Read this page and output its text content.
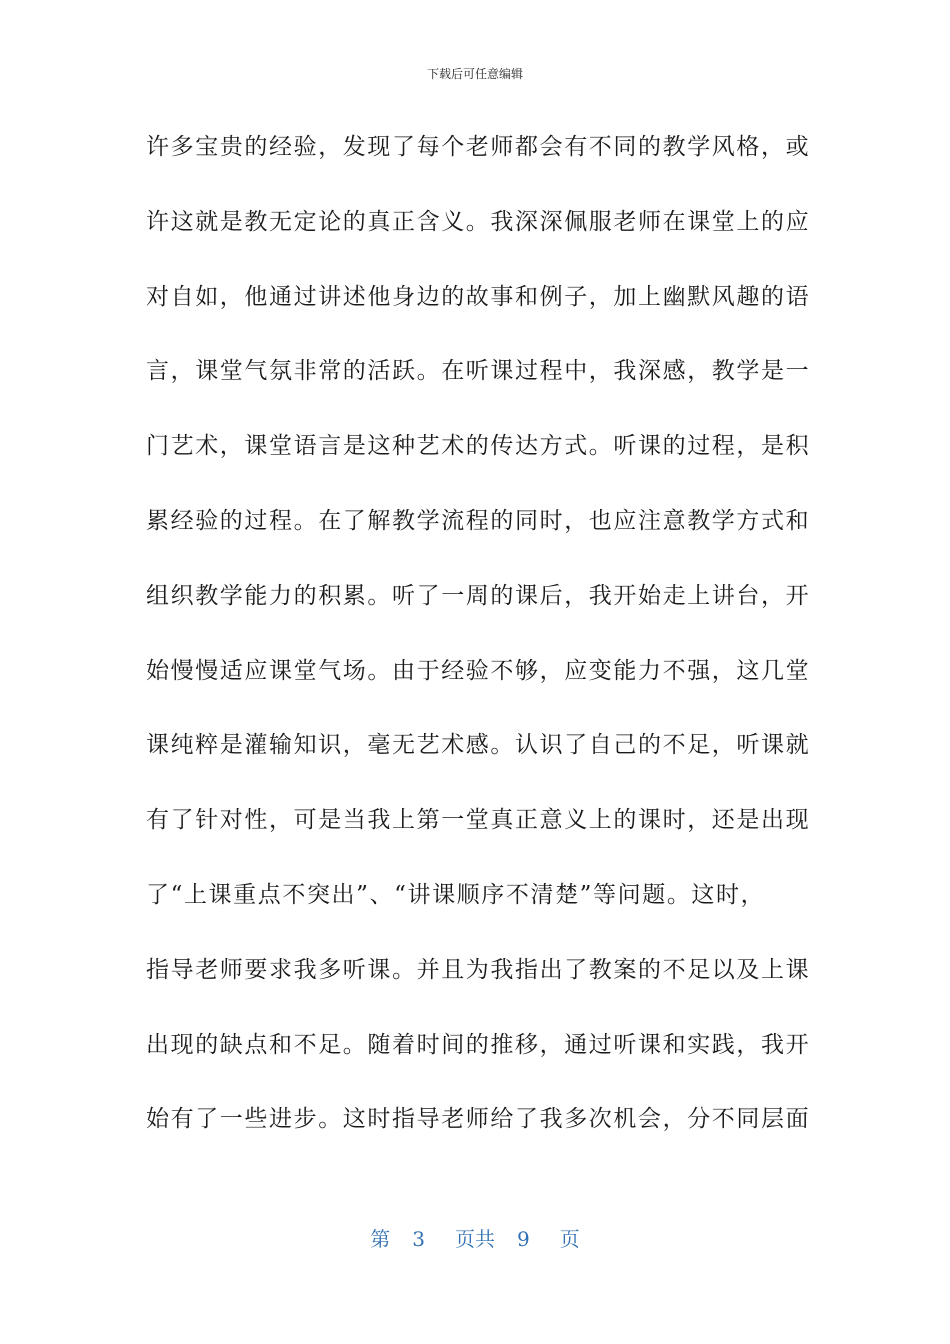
下载后可任意编辑
许多宝贵的经验，发现了每个老师都会有不同的教学风格，或
许这就是教无定论的真正含义。我深深佩服老师在课堂上的应
对自如，他通过讲述他身边的故事和例子，加上幽默风趣的语
言，课堂气氛非常的活跃。在听课过程中，我深感，教学是一
门艺术，课堂语言是这种艺术的传达方式。听课的过程，是积
累经验的过程。在了解教学流程的同时，也应注意教学方式和
组织教学能力的积累。听了一周的课后，我开始走上讲台，开
始慢慢适应课堂气场。由于经验不够，应变能力不强，这几堂
课纯粹是灌输知识，毫无艺术感。认识了自己的不足，听课就
有了针对性，可是当我上第一堂真正意义上的课时，还是出现
了“上课重点不突出”、“讲课顺序不清楚”等问题。这时，
指导老师要求我多听课。并且为我指出了教案的不足以及上课
出现的缺点和不足。随着时间的推移，通过听课和实践，我开
始有了一些进步。这时指导老师给了我多次机会，分不同层面
第 3 页共 9 页
